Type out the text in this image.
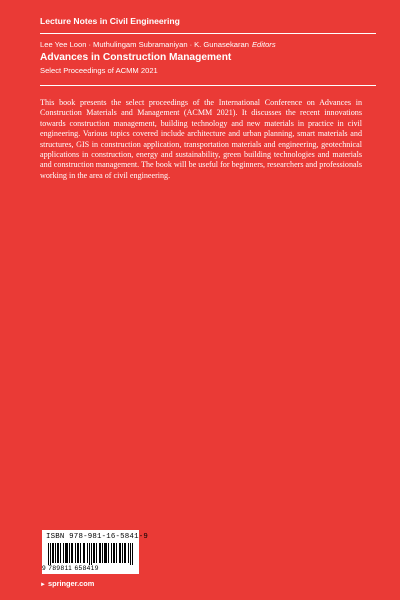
Lecture Notes in Civil Engineering
Lee Yee Loon · Muthulingam Subramaniyan · K. Gunasekaran Editors
Advances in Construction Management
Select Proceedings of ACMM 2021
This book presents the select proceedings of the International Conference on Advances in Construction Materials and Management (ACMM 2021). It discusses the recent innovations towards construction management, building technology and new materials in practice in civil engineering. Various topics covered include architecture and urban planning, smart materials and structures, GIS in construction application, transportation materials and engineering, geotechnical applications in construction, energy and sustainability, green building technologies and materials and construction management. The book will be useful for beginners, researchers and professionals working in the area of civil engineering.
ISBN 978-981-16-5841-9
9 789811 658419
► springer.com
